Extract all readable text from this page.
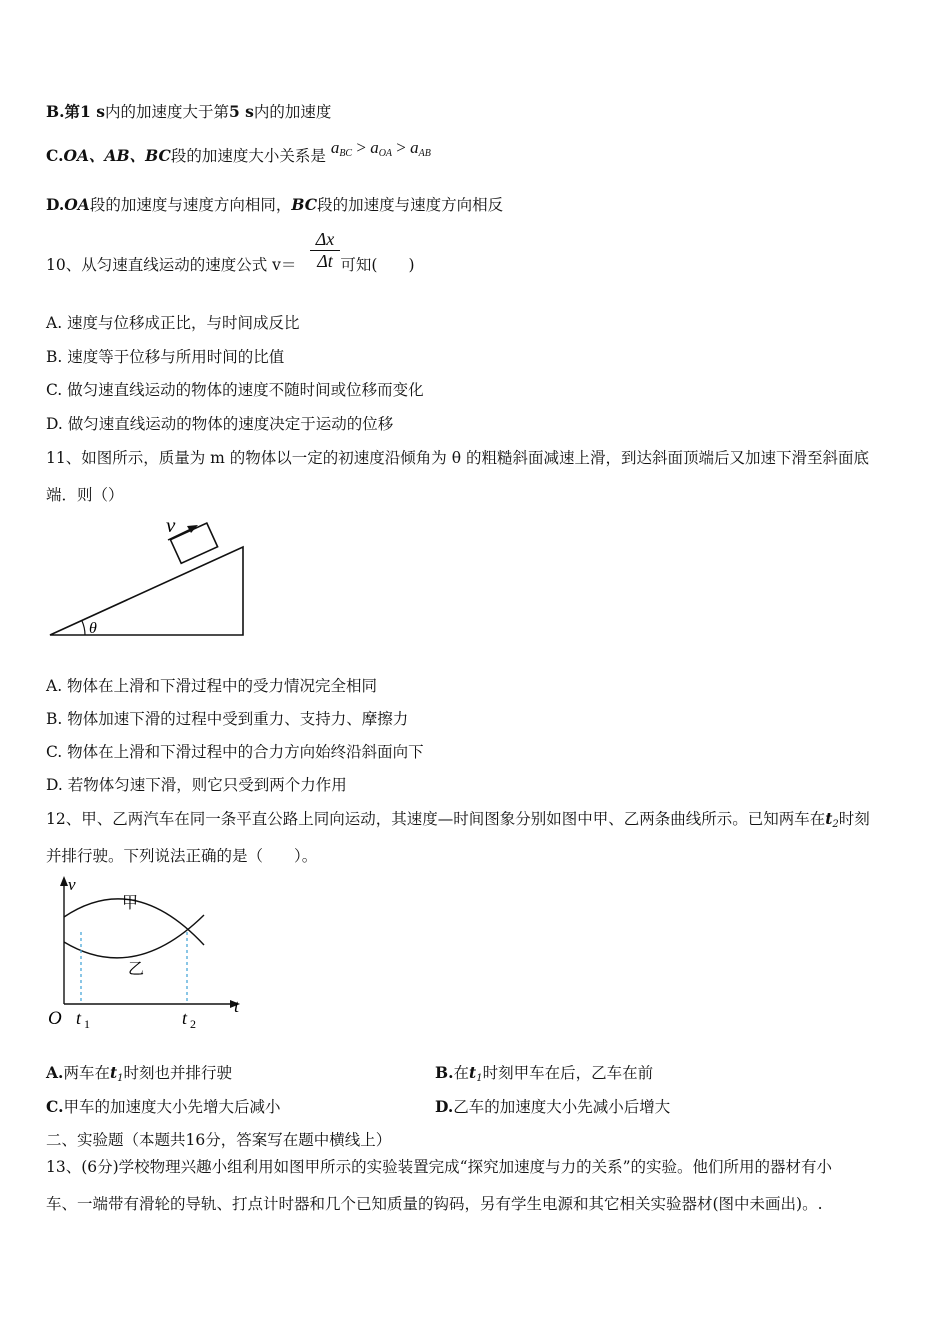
B.第1 s内的加速度大于第5 s内的加速度
C.OA、AB、BC段的加速度大小关系是 $a_{BC} > a_{OA} > a_{AB}$
D.OA段的加速度与速度方向相同，BC段的加速度与速度方向相反
10、从匀速直线运动的速度公式 v＝	可知(　　)
Δx
Δt
A. 速度与位移成正比，与时间成反比
B. 速度等于位移与所用时间的比值
C. 做匀速直线运动的物体的速度不随时间或位移而变化
D. 做匀速直线运动的物体的速度决定于运动的位移
11、如图所示，质量为 m 的物体以一定的初速度沿倾角为 θ 的粗糙斜面减速上滑，到达斜面顶端后又加速下滑至斜面底
端．则（）
v
θ
A. 物体在上滑和下滑过程中的受力情况完全相同
B. 物体加速下滑的过程中受到重力、支持力、摩擦力
C. 物体在上滑和下滑过程中的合力方向始终沿斜面向下
D. 若物体匀速下滑，则它只受到两个力作用
12、甲、乙两汽车在同一条平直公路上同向运动，其速度—时间图象分别如图中甲、乙两条曲线所示。已知两车在$t_2$时刻
并排行驶。下列说法正确的是（　　）。
v
t
O t 1	t 2
甲
乙
A.两车在$t_1$时刻也并排行驶	B.在$t_1$时刻甲车在后，乙车在前
C.甲车的加速度大小先增大后减小	D.乙车的加速度大小先减小后增大
二、实验题（本题共16分，答案写在题中横线上）
13、(6分)学校物理兴趣小组利用如图甲所示的实验装置完成“探究加速度与力的关系”的实验。他们所用的器材有小
车、一端带有滑轮的导轨、打点计时器和几个已知质量的钩码，另有学生电源和其它相关实验器材(图中未画出)。.
